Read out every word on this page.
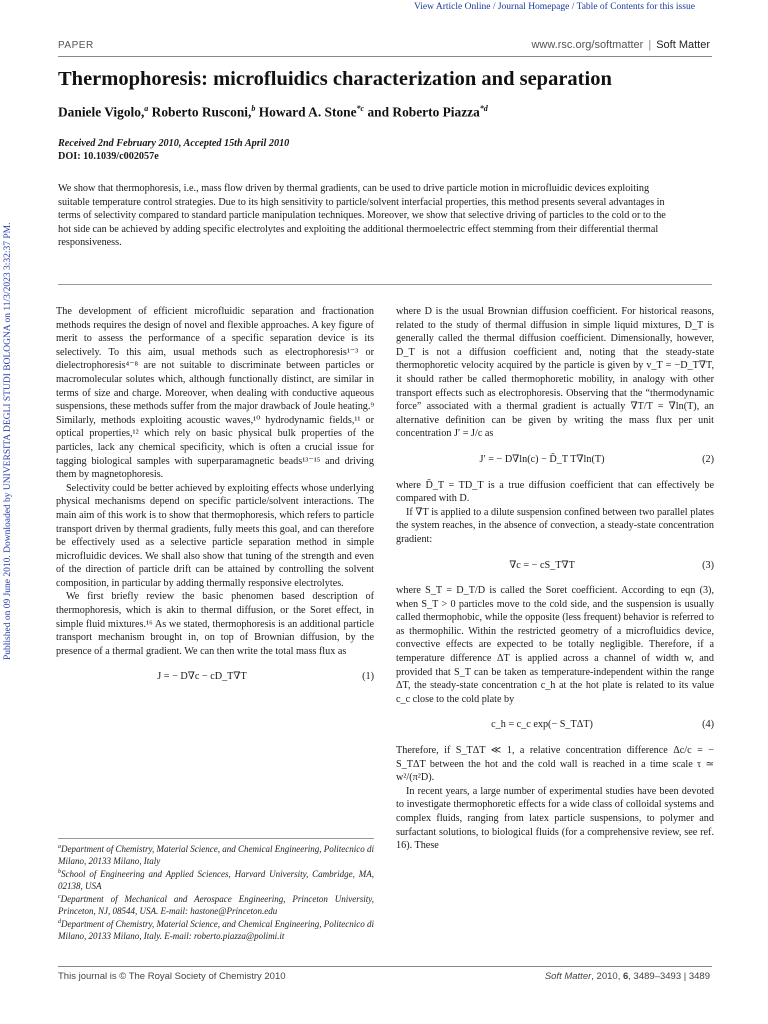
View Article Online / Journal Homepage / Table of Contents for this issue
PAPER	www.rsc.org/softmatter | Soft Matter
Thermophoresis: microfluidics characterization and separation
Daniele Vigolo,$^a$ Roberto Rusconi,$^b$ Howard A. Stone$^{*c}$ and Roberto Piazza$^{*d}$
Received 2nd February 2010, Accepted 15th April 2010
DOI: 10.1039/c002057e
We show that thermophoresis, i.e., mass flow driven by thermal gradients, can be used to drive particle motion in microfluidic devices exploiting suitable temperature control strategies. Due to its high sensitivity to particle/solvent interfacial properties, this method presents several advantages in terms of selectivity compared to standard particle manipulation techniques. Moreover, we show that selective driving of particles to the cold or to the hot side can be achieved by adding specific electrolytes and exploiting the additional thermoelectric effect stemming from their differential thermal responsiveness.
Published on 09 June 2010. Downloaded by UNIVERSITA DEGLI STUDI BOLOGNA on 11/3/2023 3:32:37 PM.	The development of efficient microfluidic separation and fractionation methods requires the design of novel and flexible approaches. A key figure of merit to assess the performance of a specific separation device is its selectively. To this aim, usual methods such as electrophoresis¹⁻³ or dielectrophoresis⁴⁻⁸ are not suitable to discriminate between particles or macromolecular solutes which, although functionally distinct, are similar in terms of size and charge. Moreover, when dealing with conductive aqueous suspensions, these methods suffer from the major drawback of Joule heating.⁹ Similarly, methods exploiting acoustic waves,¹⁰ hydrodynamic fields,¹¹ or optical properties,¹² which rely on basic physical bulk properties of the particles, lack any chemical specificity, which is often a crucial issue for tagging biological samples with superparamagnetic beads¹³⁻¹⁵ and driving them by magnetophoresis.

Selectivity could be better achieved by exploiting effects whose underlying physical mechanisms depend on specific particle/solvent interactions. The main aim of this work is to show that thermophoresis, which refers to particle transport driven by thermal gradients, fully meets this goal, and can therefore be effectively used as a selective particle separation method in simple microfluidic devices. We shall also show that tuning of the strength and even of the direction of particle drift can be attained by controlling the solvent composition, in particular by adding thermally responsive electrolytes.

We first briefly review the basic phenomen based description of thermophoresis, which is akin to thermal diffusion, or the Soret effect, in simple fluid mixtures.¹⁶ As we stated, thermophoresis is an additional particle transport mechanism brought in, on top of Brownian diffusion, by the presence of a thermal gradient. We can then write the total mass flux as

J = − D∇c − cD_T∇T	(1)
$^a$Department of Chemistry, Material Science, and Chemical Engineering, Politecnico di Milano, 20133 Milano, Italy
$^b$School of Engineering and Applied Sciences, Harvard University, Cambridge, MA, 02138, USA
$^c$Department of Mechanical and Aerospace Engineering, Princeton University, Princeton, NJ, 08544, USA. E-mail: hastone@Princeton.edu
$^d$Department of Chemistry, Material Science, and Chemical Engineering, Politecnico di Milano, 20133 Milano, Italy. E-mail: roberto.piazza@polimi.it

where D is the usual Brownian diffusion coefficient. For historical reasons, related to the study of thermal diffusion in simple liquid mixtures, D_T is generally called the thermal diffusion coefficient. Dimensionally, however, D_T is not a diffusion coefficient and, noting that the steady-state thermophoretic velocity acquired by the particle is given by v_T = −D_T∇T, it should rather be called thermophoretic mobility, in analogy with other transport effects such as electrophoresis. Observing that the “thermodynamic force” associated with a thermal gradient is actually ∇T/T = ∇ln(T), an alternative definition can be given by writing the mass flux per unit concentration J′ = J/c as

J′ = − D∇ln(c) − D̃_T T∇ln(T)	(2)

where D̃_T = TD_T is a true diffusion coefficient that can effectively be compared with D.

If ∇T is applied to a dilute suspension confined between two parallel plates the system reaches, in the absence of convection, a steady-state concentration gradient:

∇c = − cS_T∇T	(3)

where S_T = D_T/D is called the Soret coefficient. According to eqn (3), when S_T > 0 particles move to the cold side, and the suspension is usually called thermophobic, while the opposite (less frequent) behavior is referred to as thermophilic. Within the restricted geometry of a microfluidics device, convective effects are expected to be totally negligible. Therefore, if a temperature difference ΔT is applied across a channel of width w, and provided that S_T can be taken as temperature-independent within the range ΔT, the steady-state concentration c_h at the hot plate is related to its value c_c close to the cold plate by

c_h = c_c exp(− S_TΔT)	(4)

Therefore, if S_TΔT ≪ 1, a relative concentration difference Δc/c = − S_TΔT between the hot and the cold wall is reached in a time scale τ ≃ w²/(π²D).

In recent years, a large number of experimental studies have been devoted to investigate thermophoretic effects for a wide class of colloidal systems and complex fluids, ranging from latex particle suspensions, to polymer and surfactant solutions, to biological fluids (for a comprehensive review, see ref. 16). These

This journal is © The Royal Society of Chemistry 2010	Soft Matter, 2010, 6, 3489–3493 | 3489
